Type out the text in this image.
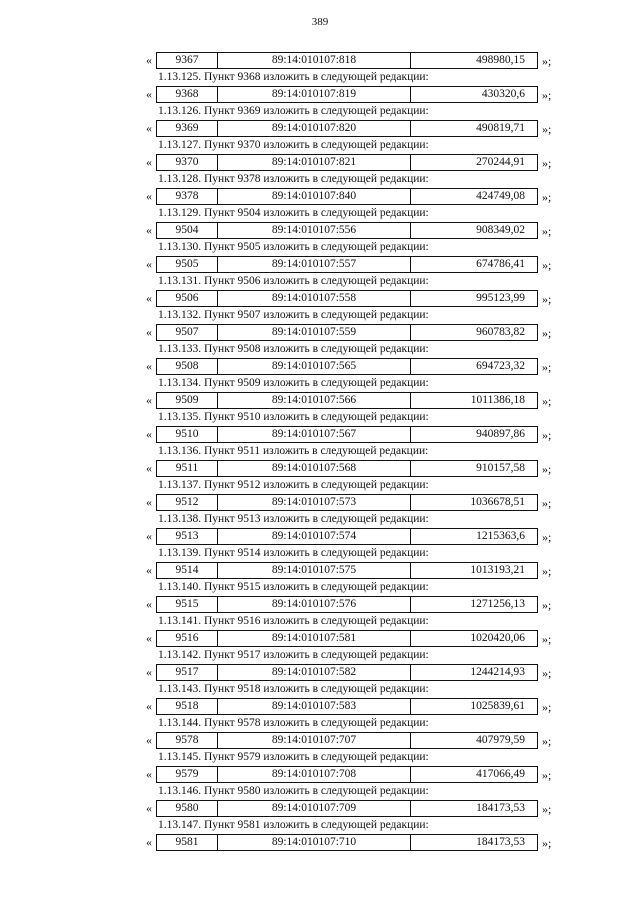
389
«	9367	89:14:010107:818	498980,15	»;
1.13.125. Пункт 9368 изложить в следующей редакции:
«	9368	89:14:010107:819	430320,6	»;
1.13.126. Пункт 9369 изложить в следующей редакции:
«	9369	89:14:010107:820	490819,71	»;
1.13.127. Пункт 9370 изложить в следующей редакции:
«	9370	89:14:010107:821	270244,91	»;
1.13.128. Пункт 9378 изложить в следующей редакции:
«	9378	89:14:010107:840	424749,08	»;
1.13.129. Пункт 9504 изложить в следующей редакции:
«	9504	89:14:010107:556	908349,02	»;
1.13.130. Пункт 9505 изложить в следующей редакции:
«	9505	89:14:010107:557	674786,41	»;
1.13.131. Пункт 9506 изложить в следующей редакции:
«	9506	89:14:010107:558	995123,99	»;
1.13.132. Пункт 9507 изложить в следующей редакции:
«	9507	89:14:010107:559	960783,82	»;
1.13.133. Пункт 9508 изложить в следующей редакции:
«	9508	89:14:010107:565	694723,32	»;
1.13.134. Пункт 9509 изложить в следующей редакции:
«	9509	89:14:010107:566	1011386,18	»;
1.13.135. Пункт 9510 изложить в следующей редакции:
«	9510	89:14:010107:567	940897,86	»;
1.13.136. Пункт 9511 изложить в следующей редакции:
«	9511	89:14:010107:568	910157,58	»;
1.13.137. Пункт 9512 изложить в следующей редакции:
«	9512	89:14:010107:573	1036678,51	»;
1.13.138. Пункт 9513 изложить в следующей редакции:
«	9513	89:14:010107:574	1215363,6	»;
1.13.139. Пункт 9514 изложить в следующей редакции:
«	9514	89:14:010107:575	1013193,21	»;
1.13.140. Пункт 9515 изложить в следующей редакции:
«	9515	89:14:010107:576	1271256,13	»;
1.13.141. Пункт 9516 изложить в следующей редакции:
«	9516	89:14:010107:581	1020420,06	»;
1.13.142. Пункт 9517 изложить в следующей редакции:
«	9517	89:14:010107:582	1244214,93	»;
1.13.143. Пункт 9518 изложить в следующей редакции:
«	9518	89:14:010107:583	1025839,61	»;
1.13.144. Пункт 9578 изложить в следующей редакции:
«	9578	89:14:010107:707	407979,59	»;
1.13.145. Пункт 9579 изложить в следующей редакции:
«	9579	89:14:010107:708	417066,49	»;
1.13.146. Пункт 9580 изложить в следующей редакции:
«	9580	89:14:010107:709	184173,53	»;
1.13.147. Пункт 9581 изложить в следующей редакции:
«	9581	89:14:010107:710	184173,53	»;
